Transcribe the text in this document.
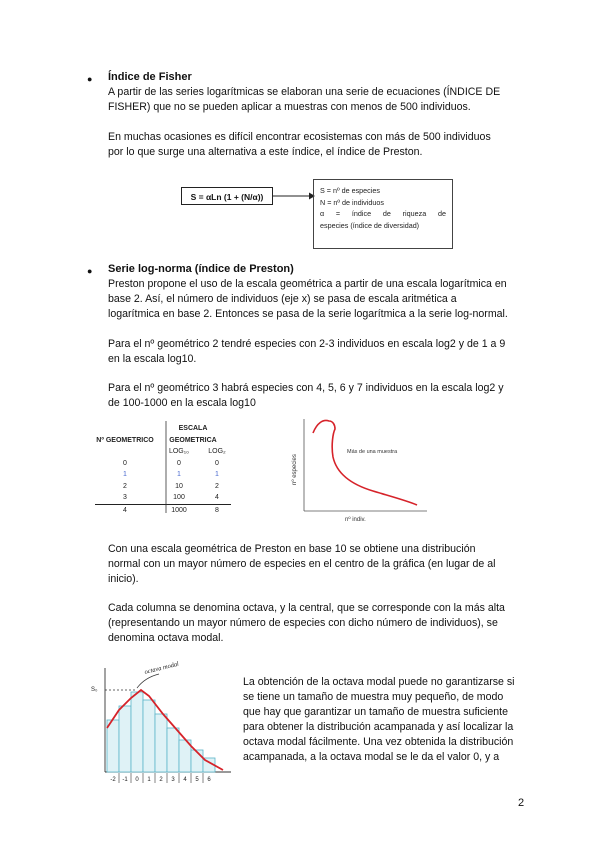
● Índice de Fisher
A partir de las series logarítmicas se elaboran una serie de ecuaciones (ÍNDICE DE
FISHER) que no se pueden aplicar a muestras con menos de 500 individuos.
En muchas ocasiones es difícil encontrar ecosistemas con más de 500 individuos
por lo que surge una alternativa a este índice, el índice de Preston.
S = αLn (1 + (N/α))
S = nº de especies
N = nº de individuos
α = índice de riqueza de
especies (índice de diversidad)
● Serie log-norma (índice de Preston)
Preston propone el uso de la escala geométrica a partir de una escala logarítmica en
base 2. Así, el número de individuos (eje x) se pasa de escala aritmética a
logarítmica en base 2. Entonces se pasa de la serie logarítmica a la serie log-normal.
Para el nº geométrico 2 tendré especies con 2-3 individuos en escala log2 y de 1 a 9
en la escala log10.
Para el nº geométrico 3 habrá especies con 4, 5, 6 y 7 individuos en la escala log2 y
de 100-1000 en la escala log10
	ESCALA	
Nº GEOMETRICO	GEOMETRICA	
	LOG₁₀	LOG₂
0	0	0
1	1	1
2	10	2
3	100	4
4	1000	8
nº especies
nº indiv.
Más de una muestra
Con una escala geométrica de Preston en base 10 se obtiene una distribución
normal con un mayor número de especies en el centro de la gráfica (en lugar de al
inicio).
Cada columna se denomina octava, y la central, que se corresponde con la más alta
(representando un mayor número de especies con dicho número de individuos), se
denomina octava modal.
octava modal
S₀
-2 -1 0 1 2 3 4 5 6
La obtención de la octava modal puede no garantizarse si
se tiene un tamaño de muestra muy pequeño, de modo
que hay que garantizar un tamaño de muestra suficiente
para obtener la distribución acampanada y así localizar la
octava modal fácilmente. Una vez obtenida la distribución
acampanada, a la octava modal se le da el valor 0, y a
2
